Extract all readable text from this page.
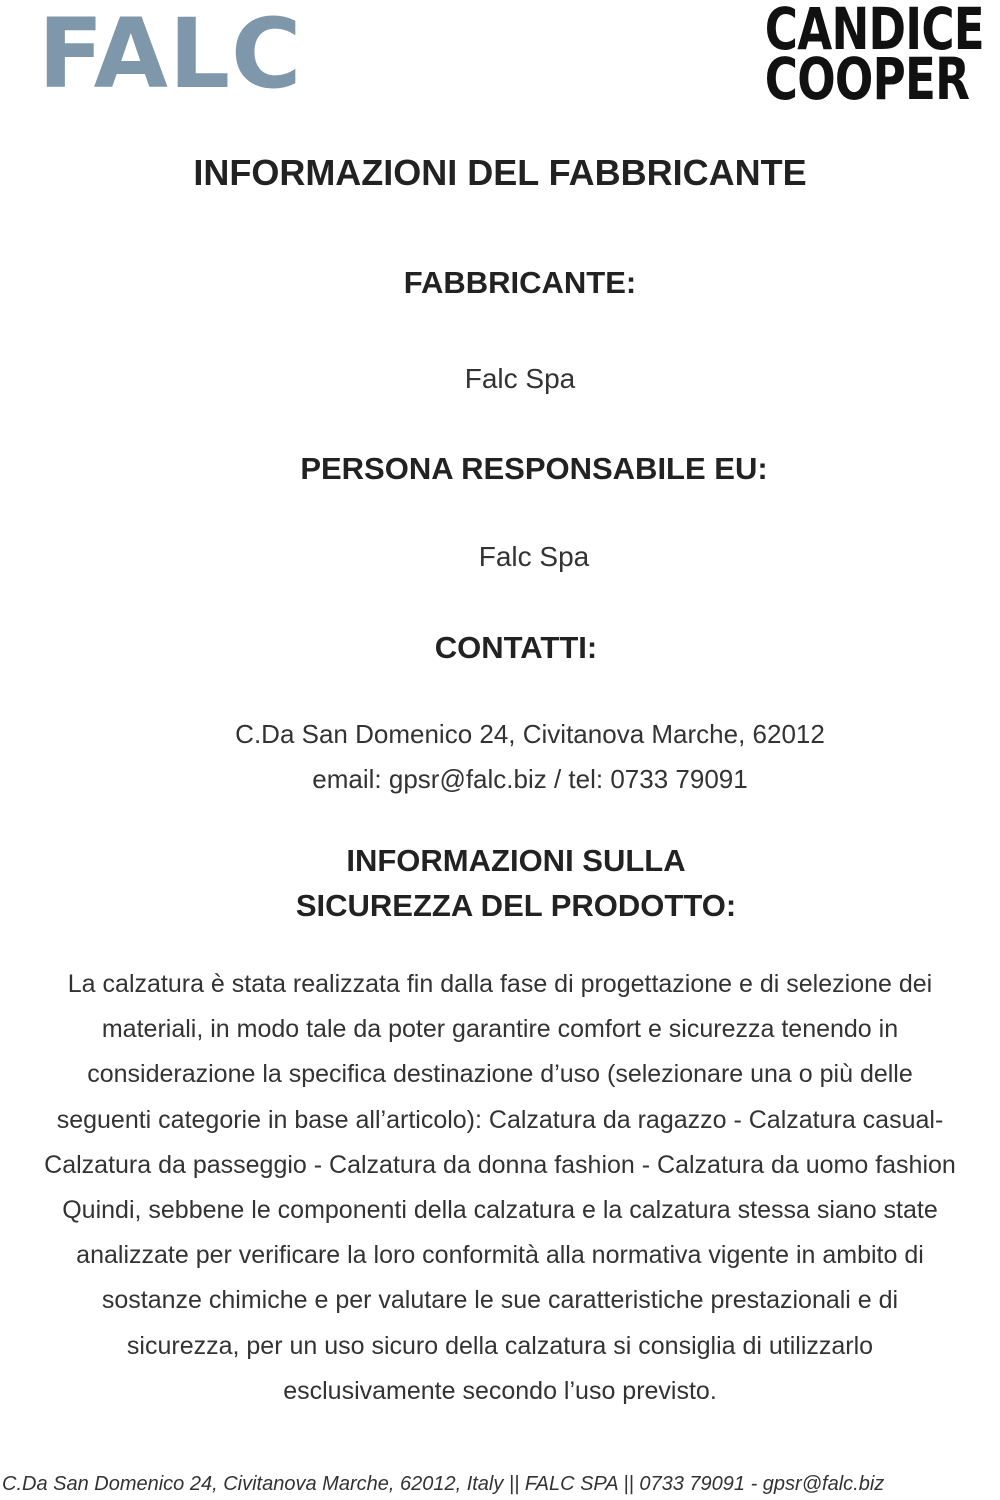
FALC	CANDICE
COOPER
INFORMAZIONI DEL FABBRICANTE
FABBRICANTE:
Falc Spa
PERSONA RESPONSABILE EU:
Falc Spa
CONTATTI:
C.Da San Domenico 24, Civitanova Marche, 62012
email: gpsr@falc.biz / tel: 0733 79091
INFORMAZIONI SULLA
SICUREZZA DEL PRODOTTO:
La calzatura è stata realizzata fin dalla fase di progettazione e di selezione dei
materiali, in modo tale da poter garantire comfort e sicurezza tenendo in
considerazione la specifica destinazione d’uso (selezionare una o più delle
seguenti categorie in base all’articolo): Calzatura da ragazzo - Calzatura casual-
Calzatura da passeggio - Calzatura da donna fashion - Calzatura da uomo fashion
Quindi, sebbene le componenti della calzatura e la calzatura stessa siano state
analizzate per verificare la loro conformità alla normativa vigente in ambito di
sostanze chimiche e per valutare le sue caratteristiche prestazionali e di
sicurezza, per un uso sicuro della calzatura si consiglia di utilizzarlo
esclusivamente secondo l’uso previsto.
C.Da San Domenico 24, Civitanova Marche, 62012, Italy || FALC SPA || 0733 79091 - gpsr@falc.biz
